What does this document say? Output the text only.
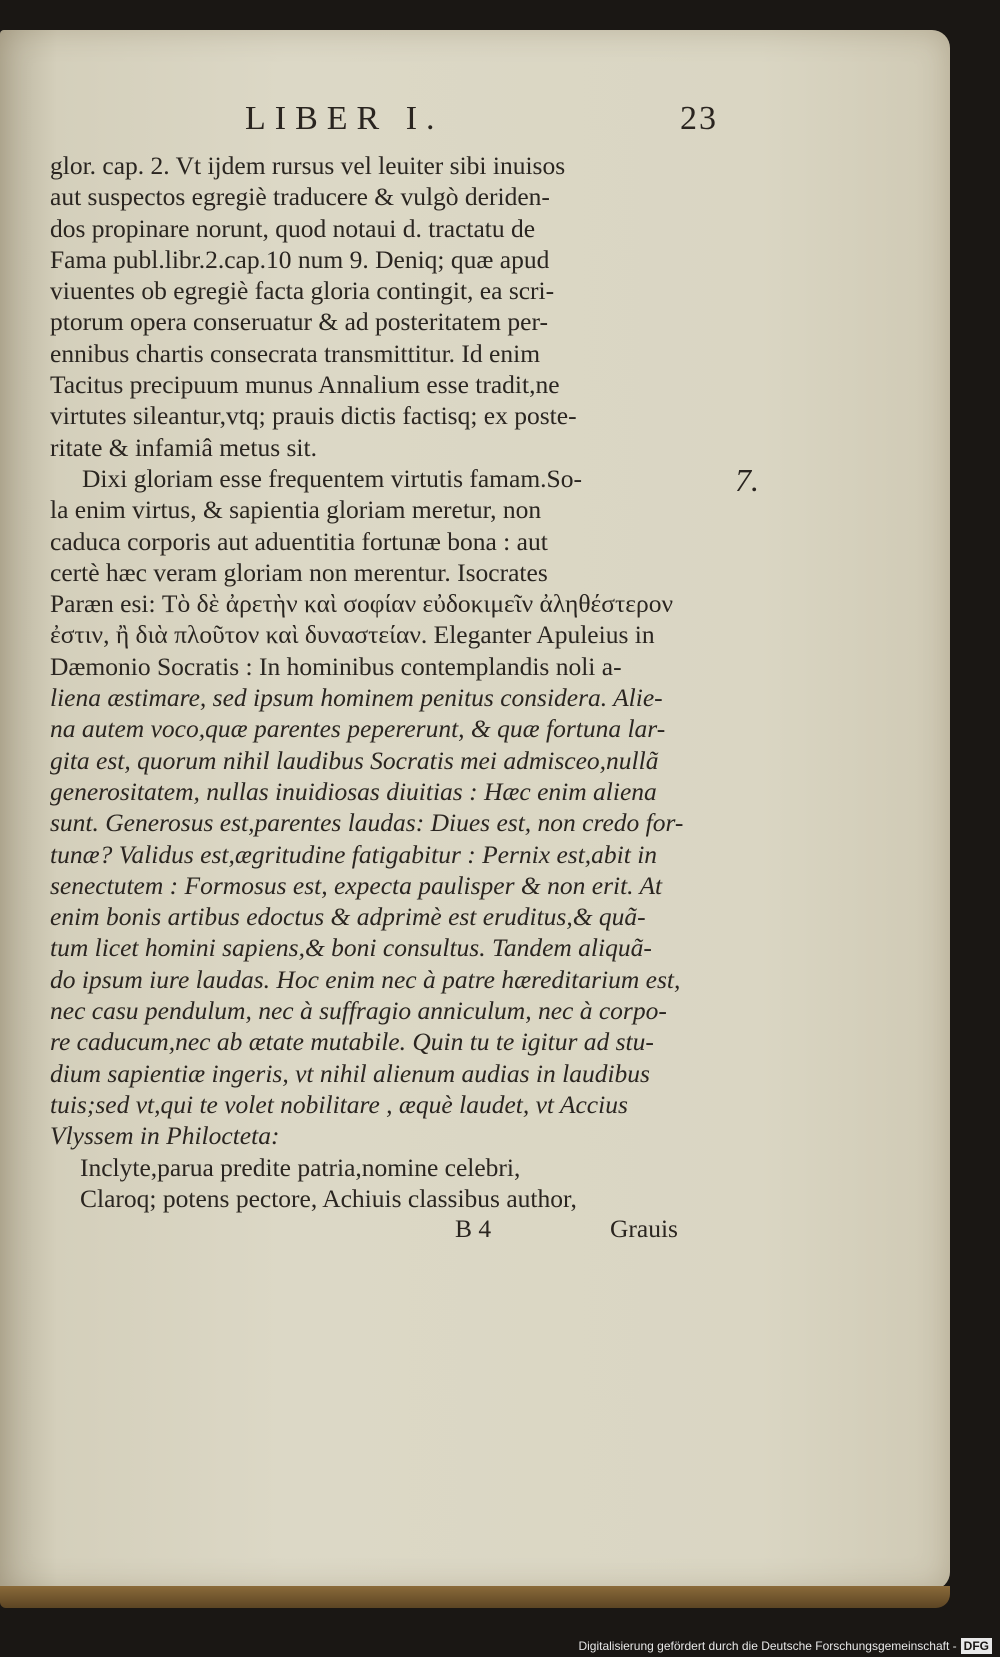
LIBER I.	23
glor. cap. 2. Vt ijdem rursus vel leuiter sibi inuisos
aut suspectos egregiè traducere & vulgò deriden-
dos propinare norunt, quod notaui d. tractatu de
Fama publ.libr.2.cap.10 num 9. Deniq; quæ apud
viuentes ob egregiè facta gloria contingit, ea scri-
ptorum opera conseruatur & ad posteritatem per-
ennibus chartis consecrata transmittitur. Id enim
Tacitus precipuum munus Annalium esse tradit,ne
virtutes sileantur,vtq; prauis dictis factisq; ex poste-
ritate & infamiâ metus sit.
Dixi gloriam esse frequentem virtutis famam.So-
la enim virtus, & sapientia gloriam meretur, non
caduca corporis aut aduentitia fortunæ bona : aut
certè hæc veram gloriam non merentur. Isocrates
Paræn esi: Τὸ δὲ ἀρετὴν καὶ σοφίαν εὐδοκιμεῖν ἀληθέστερον
ἐστιν, ἢ διὰ πλοῦτον καὶ δυναστείαν. Eleganter Apuleius in
Dæmonio Socratis : In hominibus contemplandis noli a-
liena æstimare, sed ipsum hominem penitus considera. Alie-
na autem voco,quæ parentes pepererunt, & quæ fortuna lar-
gita est, quorum nihil laudibus Socratis mei admisceo,nullã
generositatem, nullas inuidiosas diuitias : Hæc enim aliena
sunt. Generosus est,parentes laudas: Diues est, non credo for-
tunæ? Validus est,ægritudine fatigabitur : Pernix est,abit in
senectutem : Formosus est, expecta paulisper & non erit. At
enim bonis artibus edoctus & adprimè est eruditus,& quã-
tum licet homini sapiens,& boni consultus. Tandem aliquã-
do ipsum iure laudas. Hoc enim nec à patre hæreditarium est,
nec casu pendulum, nec à suffragio anniculum, nec à corpo-
re caducum,nec ab ætate mutabile. Quin tu te igitur ad stu-
dium sapientiæ ingeris, vt nihil alienum audias in laudibus
tuis;sed vt,qui te volet nobilitare , æquè laudet, vt Accius
Vlyssem in Philocteta:
Inclyte,parua predite patria,nomine celebri,
Claroq; potens pectore, Achiuis classibus author,
B 4	Grauis
7.
Digitalisierung gefördert durch die Deutsche Forschungsgemeinschaft - DFG
